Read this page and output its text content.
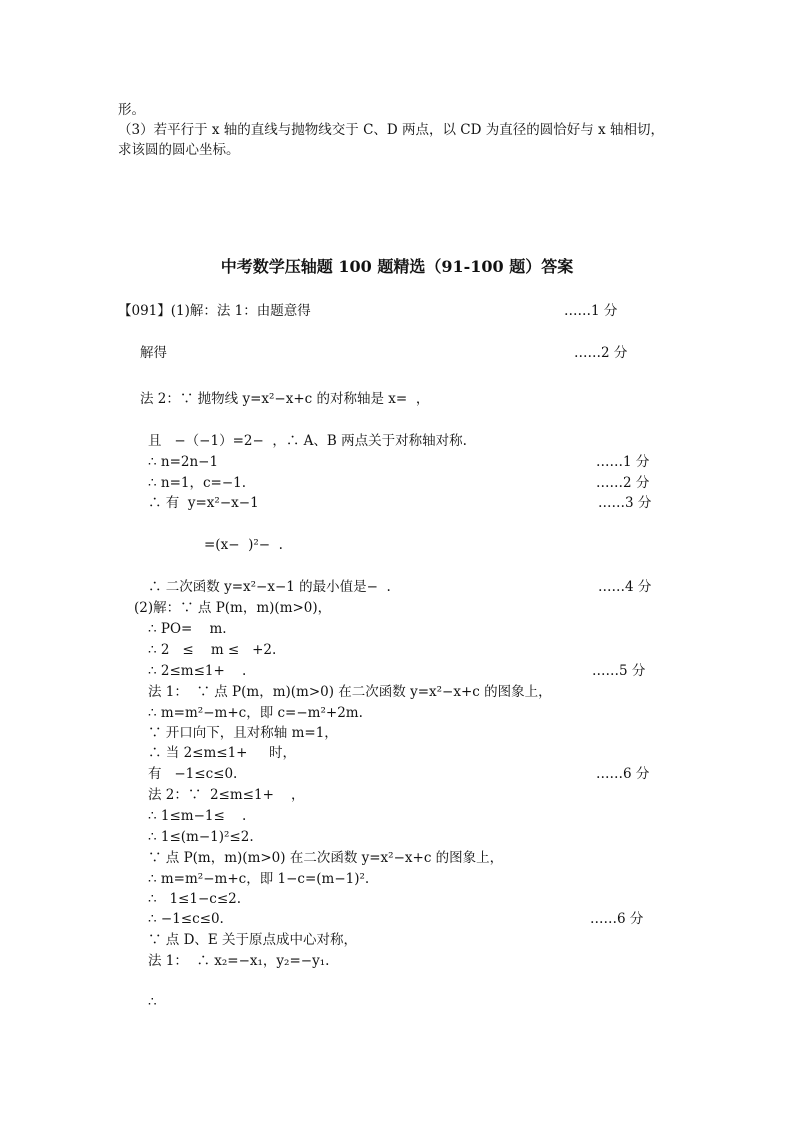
形。
（3）若平行于 x 轴的直线与抛物线交于 C、D 两点，以 CD 为直径的圆恰好与 x 轴相切，
求该圆的圆心坐标。
中考数学压轴题 100 题精选（91-100 题）答案
【091】(1)解：法 1：由题意得	……1 分
解得	……2 分
法 2：∵ 抛物线 y=x²−x+c 的对称轴是 x=  ，
且   −（−1）=2−  ，∴ A、B 两点关于对称轴对称.
∴ n=2n−1	……1 分
∴ n=1，c=−1.	……2 分
∴ 有  y=x²−x−1	……3 分
=(x−  )²−  .
∴ 二次函数 y=x²−x−1 的最小值是−  .	……4 分
(2)解：∵ 点 P(m，m)(m>0)，
∴ PO=    m.
∴ 2   ≤    m ≤   +2.
∴ 2≤m≤1+    .	……5 分
法 1：  ∵ 点 P(m，m)(m>0) 在二次函数 y=x²−x+c 的图象上，
∴ m=m²−m+c，即 c=−m²+2m.
∵ 开口向下，且对称轴 m=1，
∴ 当 2≤m≤1+     时，
有   −1≤c≤0.	……6 分
法 2：∵  2≤m≤1+    ，
∴ 1≤m−1≤    .
∴ 1≤(m−1)²≤2.
∵ 点 P(m，m)(m>0) 在二次函数 y=x²−x+c 的图象上，
∴ m=m²−m+c，即 1−c=(m−1)².
∴   1≤1−c≤2.
∴ −1≤c≤0.	……6 分
∵ 点 D、E 关于原点成中心对称，
法 1：  ∴ x₂=−x₁，y₂=−y₁.
∴
